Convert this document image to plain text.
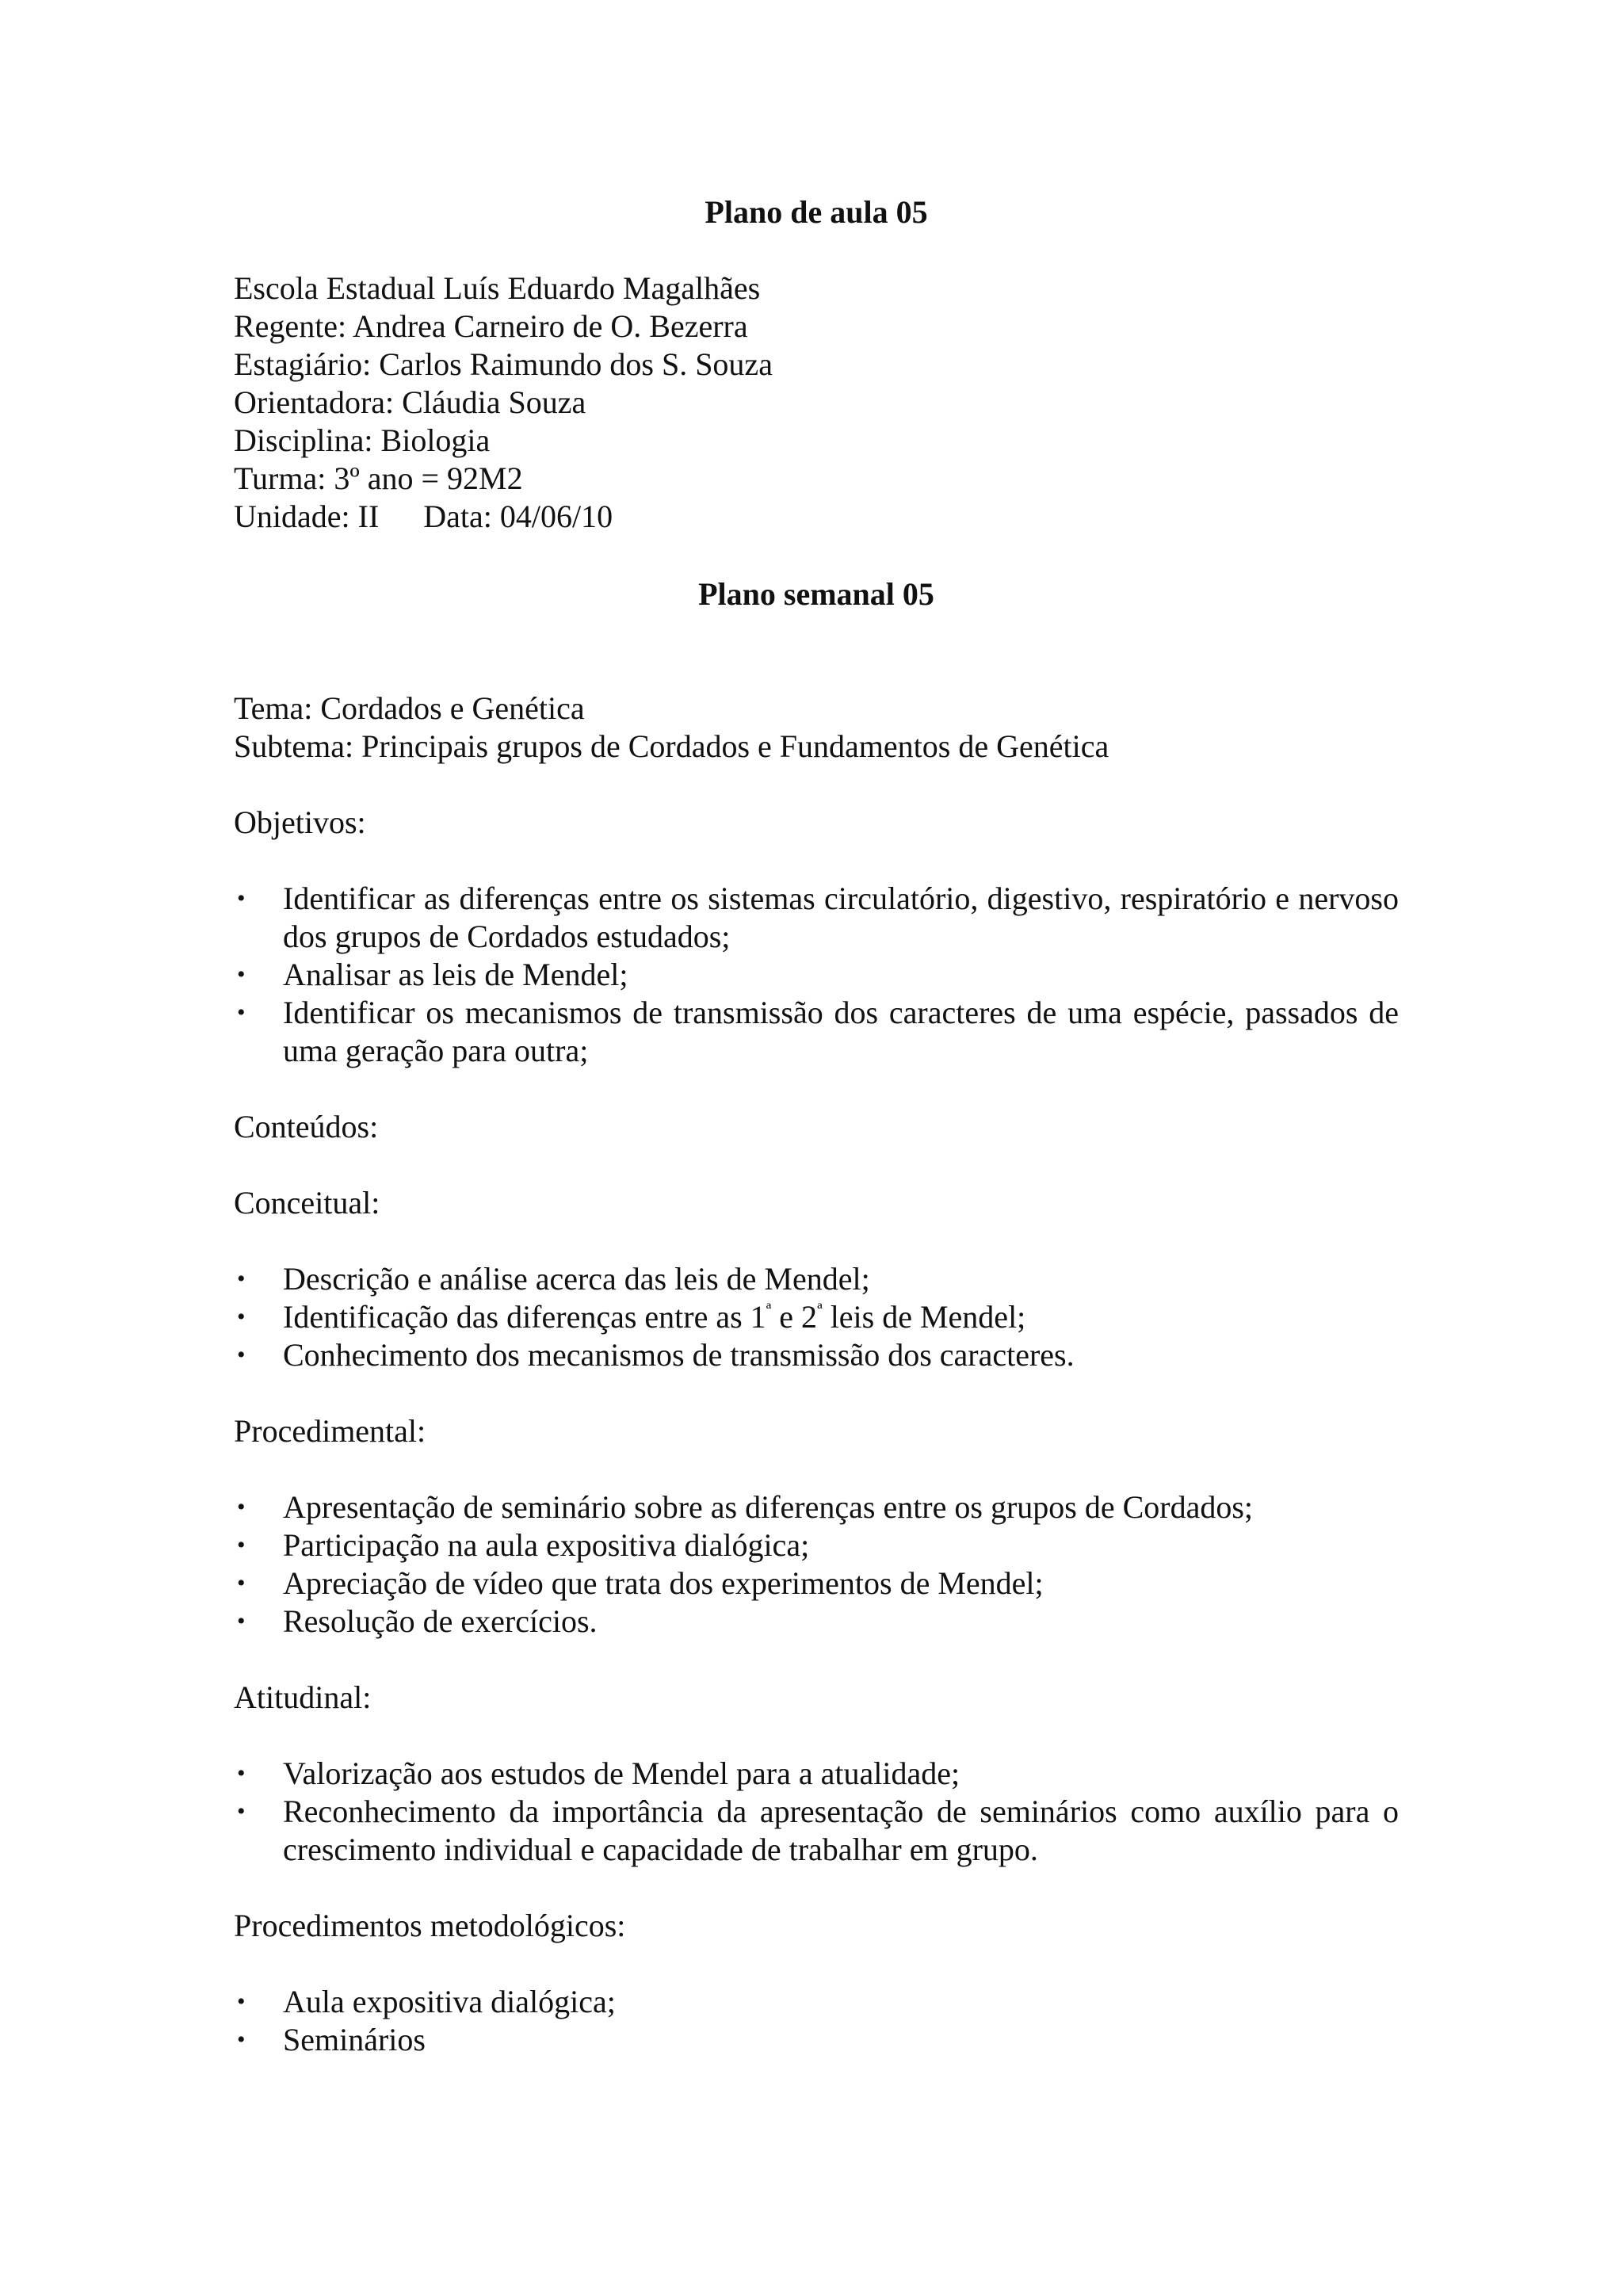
Plano de aula 05

Escola Estadual Luís Eduardo Magalhães

Regente: Andrea Carneiro de O. Bezerra

Estagiário: Carlos Raimundo dos S. Souza

Orientadora: Cláudia Souza

Disciplina: Biologia

Turma: 3º ano = 92M2

Unidade: II Data: 04/06/10

Plano semanal 05

Tema: Cordados e Genética

Subtema: Principais grupos de Cordados e Fundamentos de Genética

Objetivos:

• Identificar as diferenças entre os sistemas circulatório, digestivo, respiratório e nervoso dos grupos de Cordados estudados;
• Analisar as leis de Mendel;
• Identificar os mecanismos de transmissão dos caracteres de uma espécie, passados de uma geração para outra;

Conteúdos:

Conceitual:

• Descrição e análise acerca das leis de Mendel;
• Identificação das diferenças entre as $1^ª$ e $2^ª$ leis de Mendel;
• Conhecimento dos mecanismos de transmissão dos caracteres.

Procedimental:

• Apresentação de seminário sobre as diferenças entre os grupos de Cordados;
• Participação na aula expositiva dialógica;
• Apreciação de vídeo que trata dos experimentos de Mendel;
• Resolução de exercícios.

Atitudinal:

• Valorização aos estudos de Mendel para a atualidade;
• Reconhecimento da importância da apresentação de seminários como auxílio para o crescimento individual e capacidade de trabalhar em grupo.

Procedimentos metodológicos:

• Aula expositiva dialógica;
• Seminários
